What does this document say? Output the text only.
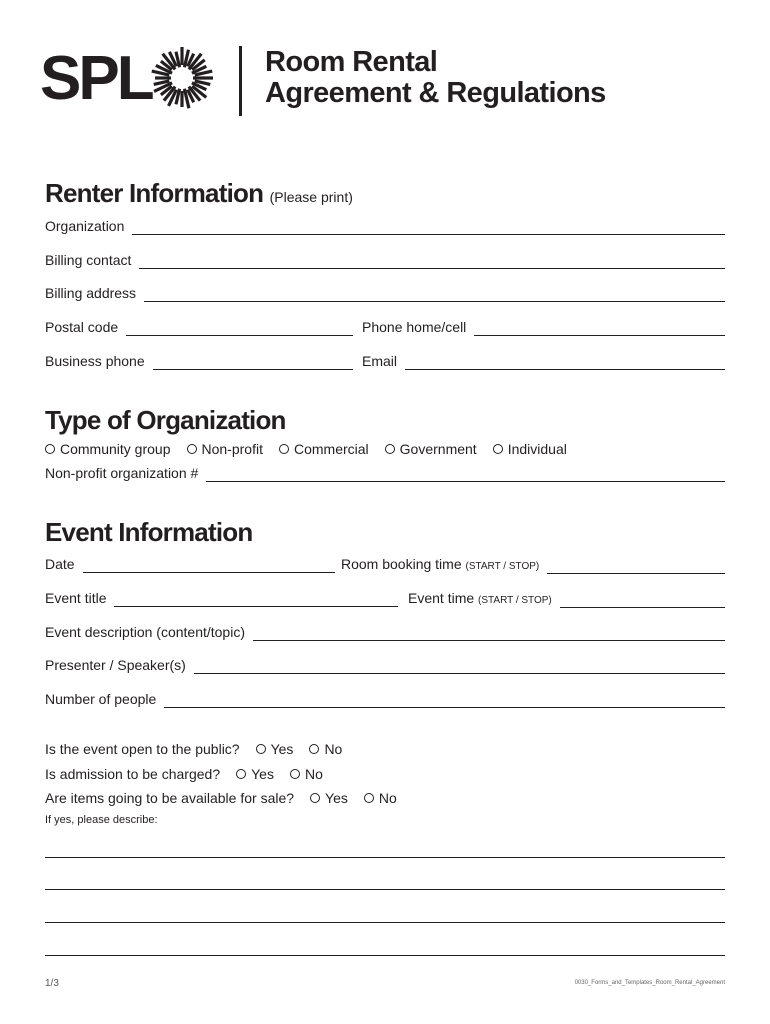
SPL	Room Rental
Agreement & Regulations
Renter Information (Please print)
Organization
Billing contact
Billing address
Postal code	Phone home/cell
Business phone	Email
Type of Organization
Community group Non-profit Commercial Government Individual
Non-profit organization #
Event Information
Date	Room booking time (START / STOP)
Event title	Event time (START / STOP)
Event description (content/topic)
Presenter / Speaker(s)
Number of people
Is the event open to the public? Yes No
Is admission to be charged? Yes No
Are items going to be available for sale? Yes No
If yes, please describe:
1/3	0030_Forms_and_Templates_Room_Rental_Agreement
